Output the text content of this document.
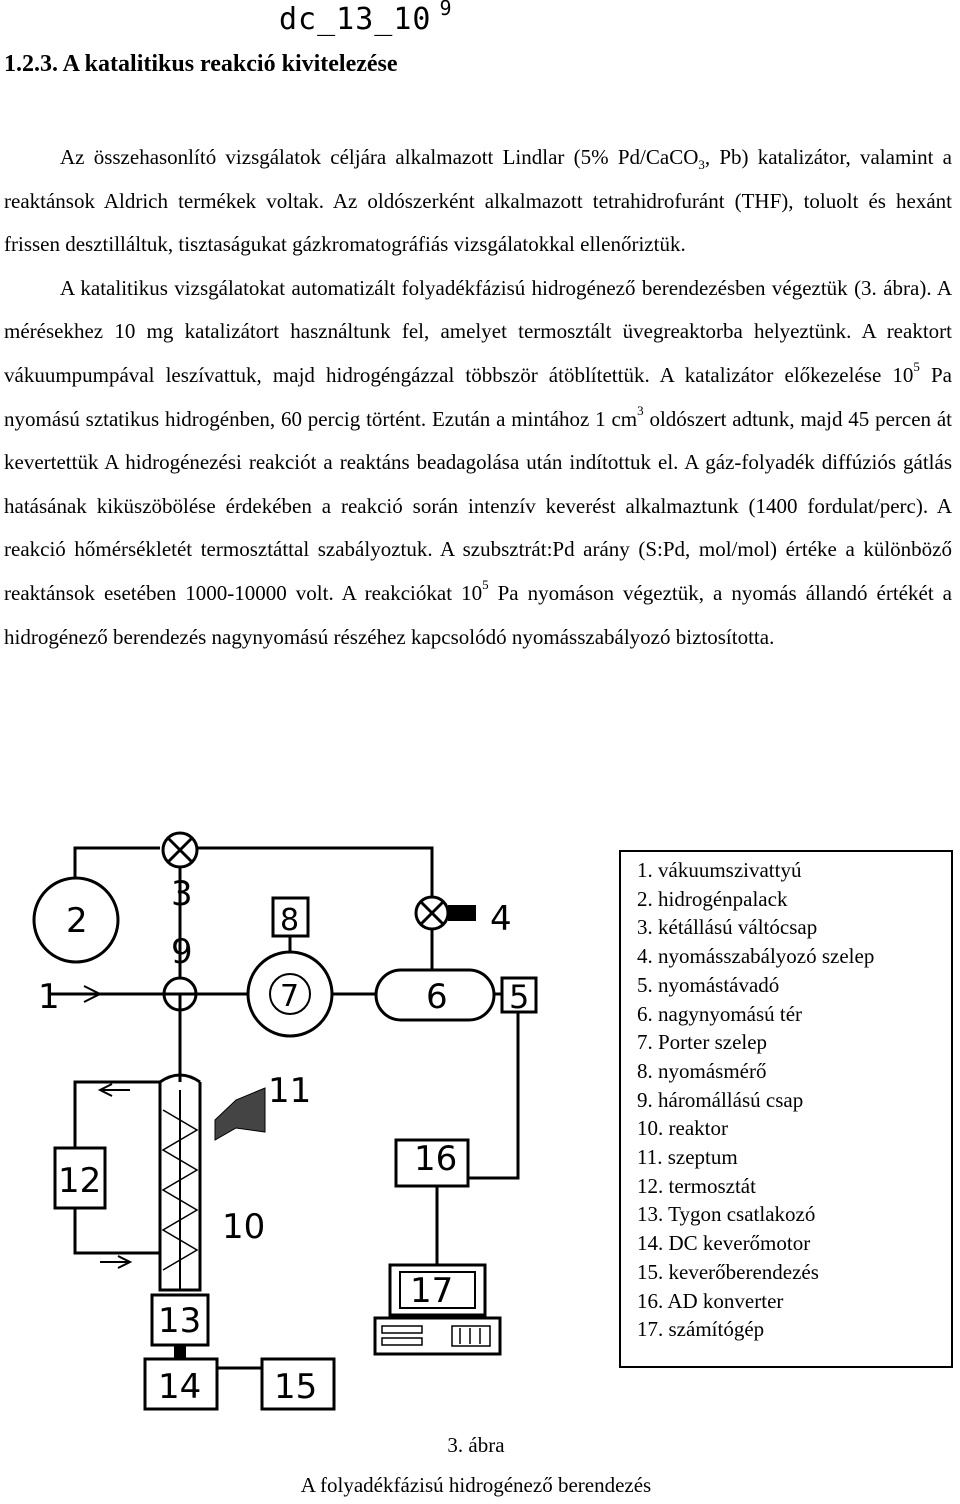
dc_13_10 $^9$
1.2.3. A katalitikus reakció kivitelezése

Az összehasonlító vizsgálatok céljára alkalmazott Lindlar (5% Pd/CaCO$_3$, Pb) katalizátor, valamint a reaktánsok Aldrich termékek voltak. Az oldószerként alkalmazott tetrahidrofuránt (THF), toluolt és hexánt frissen desztilláltuk, tisztaságukat gázkromatográfiás vizsgálatokkal ellenőriztük.

A katalitikus vizsgálatokat automatizált folyadékfázisú hidrogénező berendezésben végeztük (3. ábra). A mérésekhez 10 mg katalizátort használtunk fel, amelyet termosztált üvegreaktorba helyeztünk. A reaktort vákuumpumpával leszívattuk, majd hidrogéngázzal többször átöblítettük. A katalizátor előkezelése $10^5$ Pa nyomású sztatikus hidrogénben, 60 percig történt. Ezután a mintához 1 $cm^3$ oldószert adtunk, majd 45 percen át kevertettük A hidrogénezési reakciót a reaktáns beadagolása után indítottuk el. A gáz-folyadék diffúziós gátlás hatásának kiküszöbölése érdekében a reakció során intenzív keverést alkalmaztunk (1400 fordulat/perc). A reakció hőmérsékletét termosztáttal szabályoztuk. A szubsztrát:Pd arány (S:Pd, mol/mol) értéke a különböző reaktánsok esetében 1000-10000 volt. A reakciókat $10^5$ Pa nyomáson végeztük, a nyomás állandó értékét a hidrogénező berendezés nagynyomású részéhez kapcsolódó nyomásszabályozó biztosította.

1
2
3
4
5
6
7
8
9
10
11
12
13
14 15
16
17
1. vákuumszivattyú
2. hidrogénpalack
3. kétállású váltócsap
4. nyomásszabályozó szelep
5. nyomástávadó
6. nagynyomású tér
7. Porter szelep
8. nyomásmérő
9. háromállású csap
10. reaktor
11. szeptum
12. termosztát
13. Tygon csatlakozó
14. DC keverőmotor
15. keverőberendezés
16. AD konverter
17. számítógép
3. ábra
A folyadékfázisú hidrogénező berendezés
